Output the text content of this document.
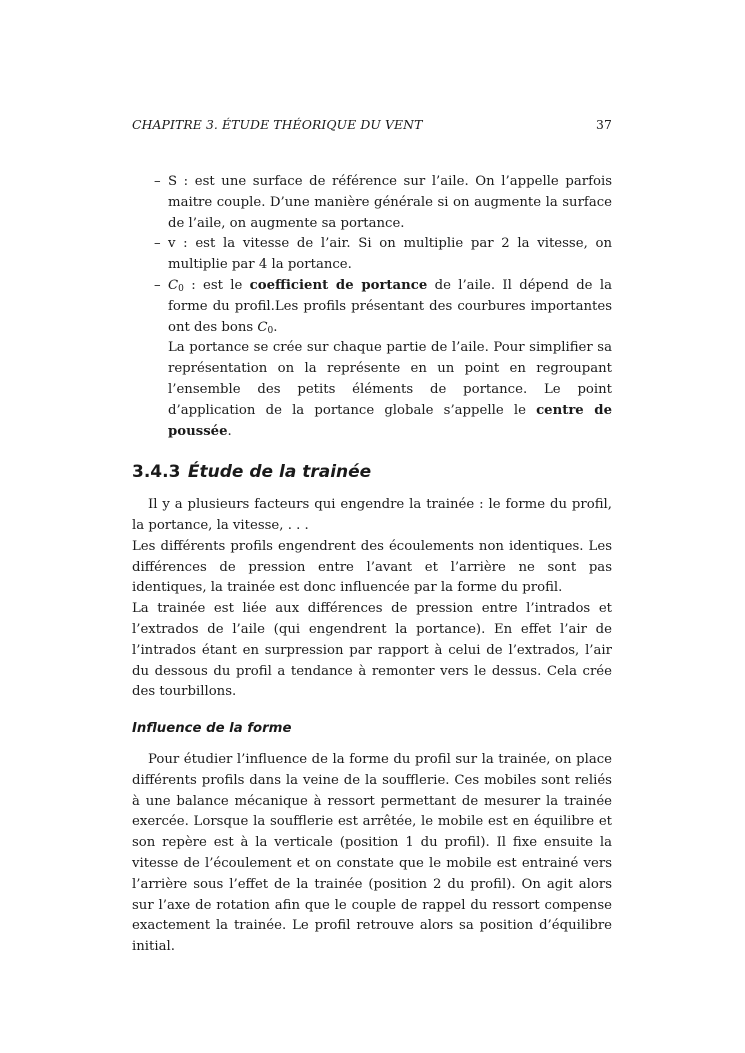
CHAPITRE 3. ÉTUDE THÉORIQUE DU VENT	37
– S : est une surface de référence sur l’aile. On l’appelle parfois maitre couple. D’une manière générale si on augmente la surface de l’aile, on augmente sa portance.
– v : est la vitesse de l’air. Si on multiplie par 2 la vitesse, on multiplie par 4 la portance.
– $C_0$ : est le coefficient de portance de l’aile. Il dépend de la forme du profil.Les profils présentant des courbures importantes ont des bons $C_0$.

La portance se crée sur chaque partie de l’aile. Pour simplifier sa représentation on la représente en un point en regroupant l’ensemble des petits éléments de portance. Le point d’application de la portance globale s’appelle le centre de poussée.

3.4.3 Étude de la trainée

Il y a plusieurs facteurs qui engendre la trainée : le forme du profil, la portance, la vitesse, . . .

Les différents profils engendrent des écoulements non identiques. Les différences de pression entre l’avant et l’arrière ne sont pas identiques, la trainée est donc influencée par la forme du profil.

La trainée est liée aux différences de pression entre l’intrados et l’extrados de l’aile (qui engendrent la portance). En effet l’air de l’intrados étant en surpression par rapport à celui de l’extrados, l’air du dessous du profil a tendance à remonter vers le dessus. Cela crée des tourbillons.

Influence de la forme

Pour étudier l’influence de la forme du profil sur la trainée, on place différents profils dans la veine de la soufflerie. Ces mobiles sont reliés à une balance mécanique à ressort permettant de mesurer la trainée exercée. Lorsque la soufflerie est arrêtée, le mobile est en équilibre et son repère est à la verticale (position 1 du profil). Il fixe ensuite la vitesse de l’écoulement et on constate que le mobile est entrainé vers l’arrière sous l’effet de la trainée (position 2 du profil). On agit alors sur l’axe de rotation afin que le couple de rappel du ressort compense exactement la trainée. Le profil retrouve alors sa position d’équilibre initial.
